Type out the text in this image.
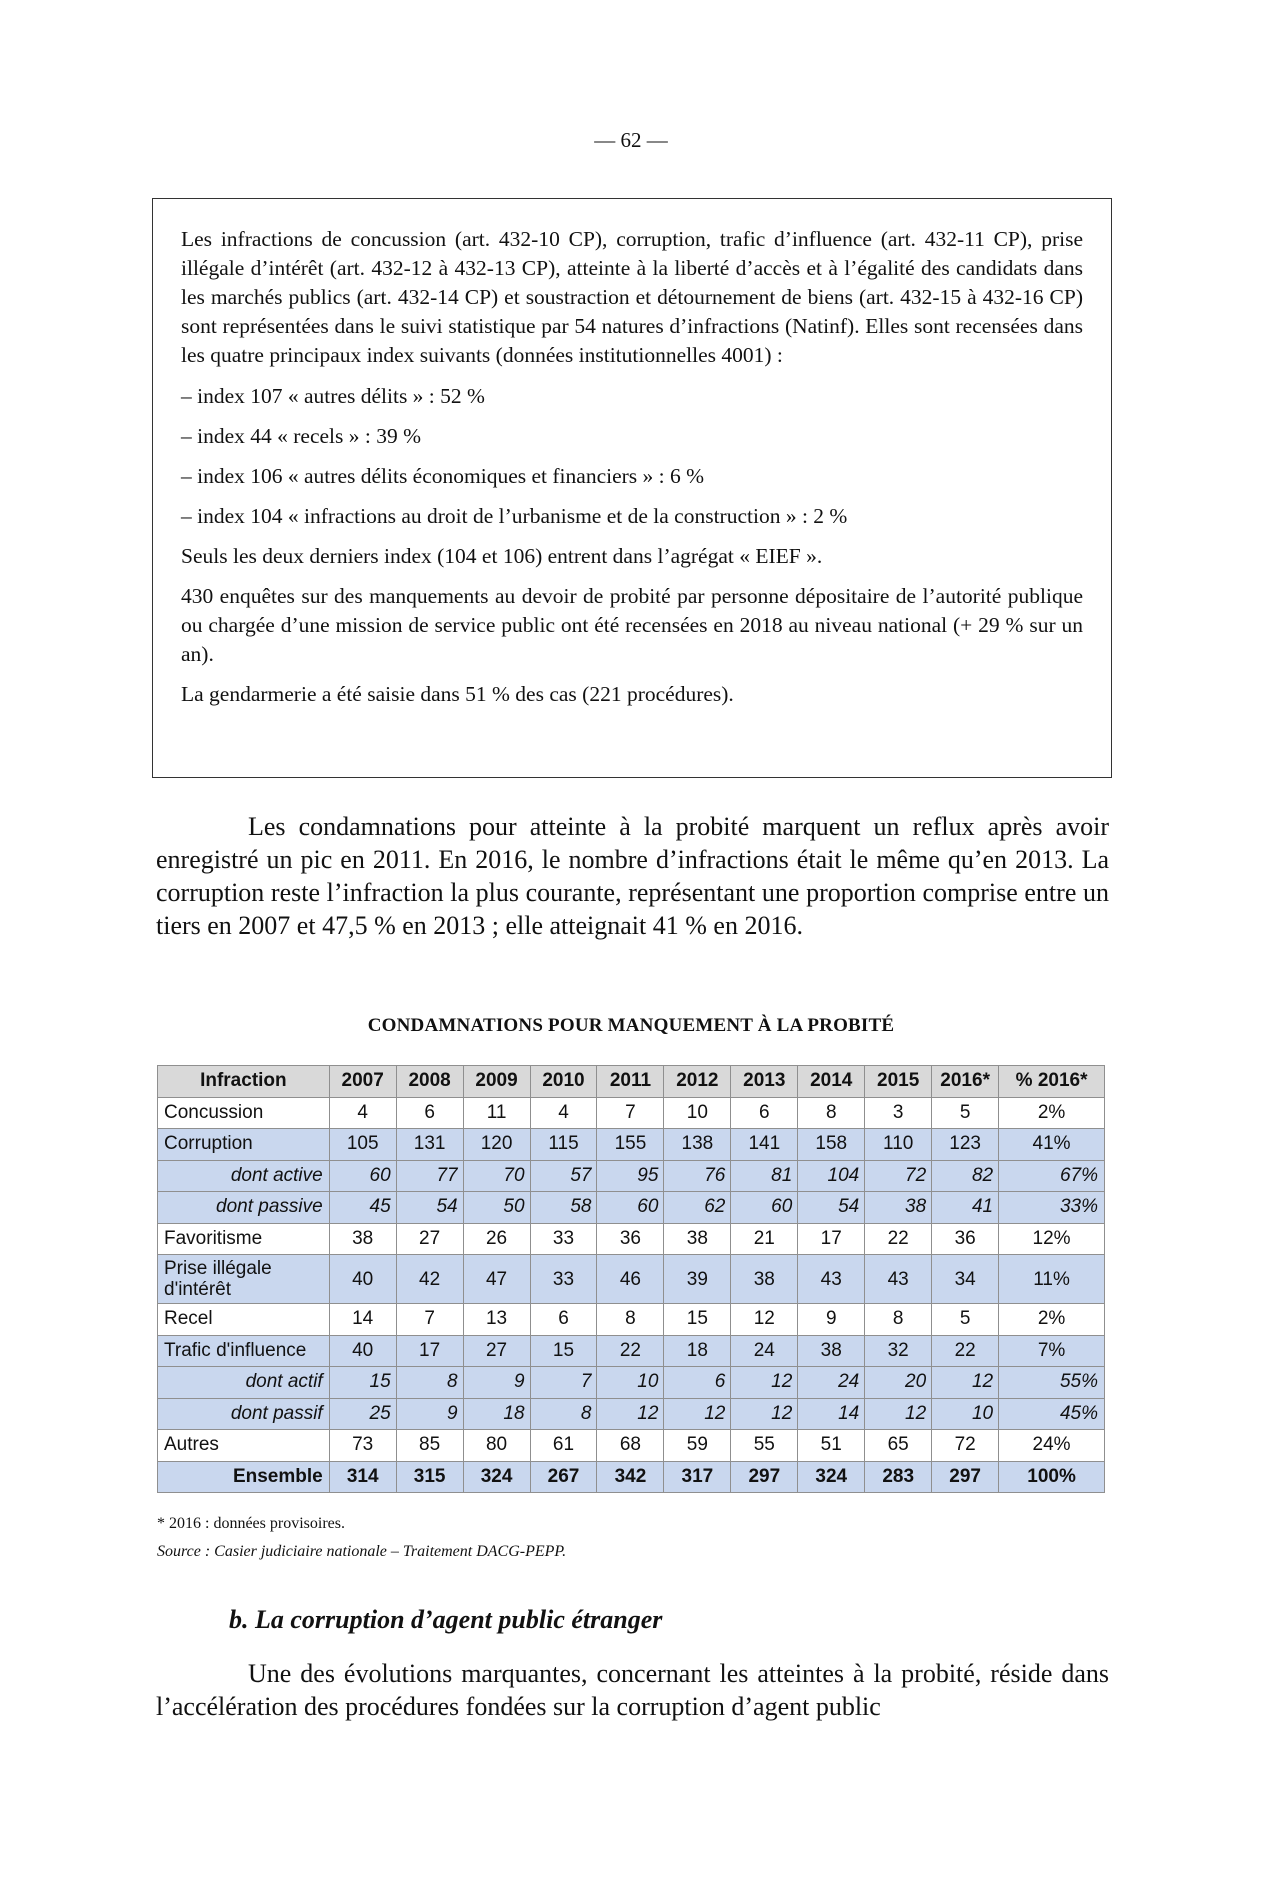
— 62 —

Les infractions de concussion (art. 432-10 CP), corruption, trafic d’influence (art. 432-11 CP), prise illégale d’intérêt (art. 432-12 à 432-13 CP), atteinte à la liberté d’accès et à l’égalité des candidats dans les marchés publics (art. 432-14 CP) et soustraction et détournement de biens (art. 432-15 à 432-16 CP) sont représentées dans le suivi statistique par 54 natures d’infractions (Natinf). Elles sont recensées dans les quatre principaux index suivants (données institutionnelles 4001) :

– index 107 « autres délits » : 52 %

– index 44 « recels » : 39 %

– index 106 « autres délits économiques et financiers » : 6 %

– index 104 « infractions au droit de l’urbanisme et de la construction » : 2 %

Seuls les deux derniers index (104 et 106) entrent dans l’agrégat « EIEF ».

430 enquêtes sur des manquements au devoir de probité par personne dépositaire de l’autorité publique ou chargée d’une mission de service public ont été recensées en 2018 au niveau national (+ 29 % sur un an).

La gendarmerie a été saisie dans 51 % des cas (221 procédures).

Les condamnations pour atteinte à la probité marquent un reflux après avoir enregistré un pic en 2011. En 2016, le nombre d’infractions était le même qu’en 2013. La corruption reste l’infraction la plus courante, représentant une proportion comprise entre un tiers en 2007 et 47,5 % en 2013 ; elle atteignait 41 % en 2016.

CONDAMNATIONS POUR MANQUEMENT À LA PROBITÉ
Infraction	2007	2008	2009	2010	2011	2012	2013	2014	2015	2016*	% 2016*
Concussion	4	6	11	4	7	10	6	8	3	5	2%
Corruption	105	131	120	115	155	138	141	158	110	123	41%
dont active	60	77	70	57	95	76	81	104	72	82	67%
dont passive	45	54	50	58	60	62	60	54	38	41	33%
Favoritisme	38	27	26	33	36	38	21	17	22	36	12%
Prise illégale d'intérêt	40	42	47	33	46	39	38	43	43	34	11%
Recel	14	7	13	6	8	15	12	9	8	5	2%
Trafic d'influence	40	17	27	15	22	18	24	38	32	22	7%
dont actif	15	8	9	7	10	6	12	24	20	12	55%
dont passif	25	9	18	8	12	12	12	14	12	10	45%
Autres	73	85	80	61	68	59	55	51	65	72	24%
Ensemble	314	315	324	267	342	317	297	324	283	297	100%
* 2016 : données provisoires.
Source : Casier judiciaire nationale – Traitement DACG-PEPP.
b. La corruption d’agent public étranger

Une des évolutions marquantes, concernant les atteintes à la probité, réside dans l’accélération des procédures fondées sur la corruption d’agent public
